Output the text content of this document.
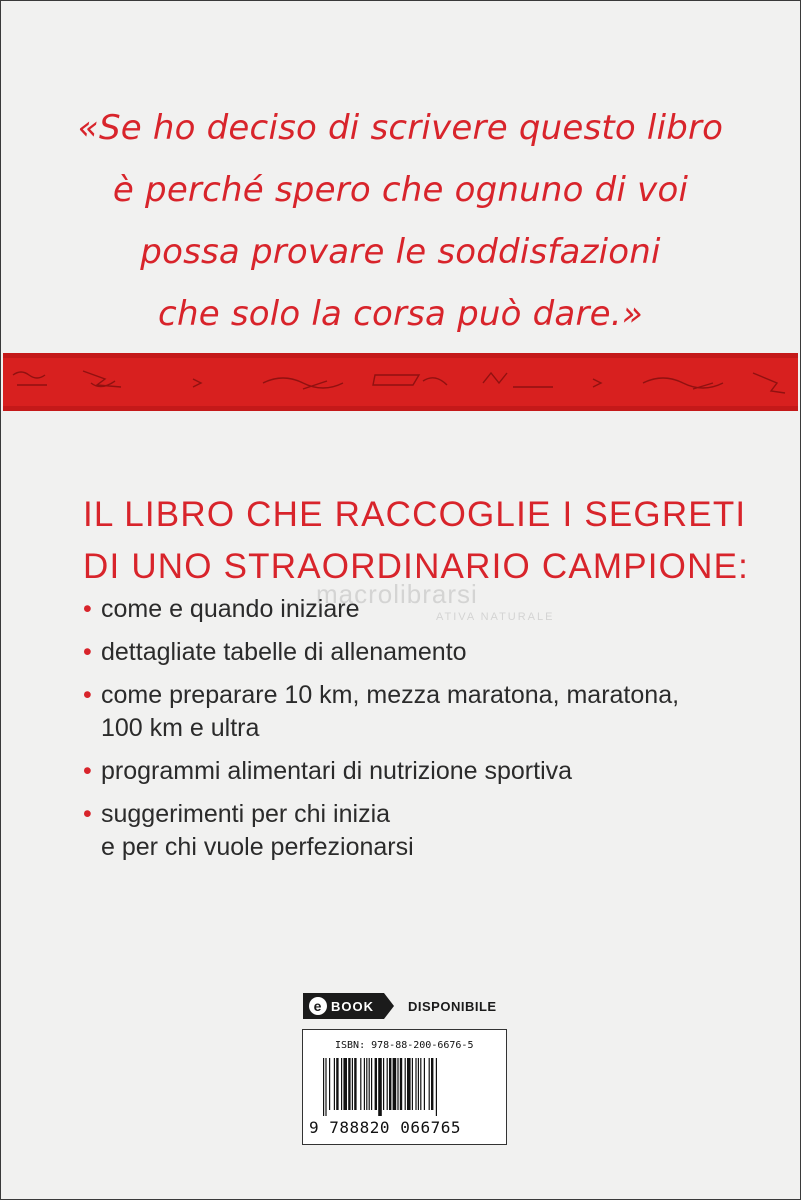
«Se ho deciso di scrivere questo libro
è perché spero che ognuno di voi
possa provare le soddisfazioni
che solo la corsa può dare.»
IL LIBRO CHE RACCOGLIE I SEGRETI
DI UNO STRAORDINARIO CAMPIONE:
macrolibrarsi
ATIVA NATURALE
• come e quando iniziare
• dettagliate tabelle di allenamento
• come preparare 10 km, mezza maratona, maratona,
100 km e ultra
• programmi alimentari di nutrizione sportiva
• suggerimenti per chi inizia
e per chi vuole perfezionarsi
e BOOK	DISPONIBILE
ISBN: 978-88-200-6676-5
9 788820 066765
